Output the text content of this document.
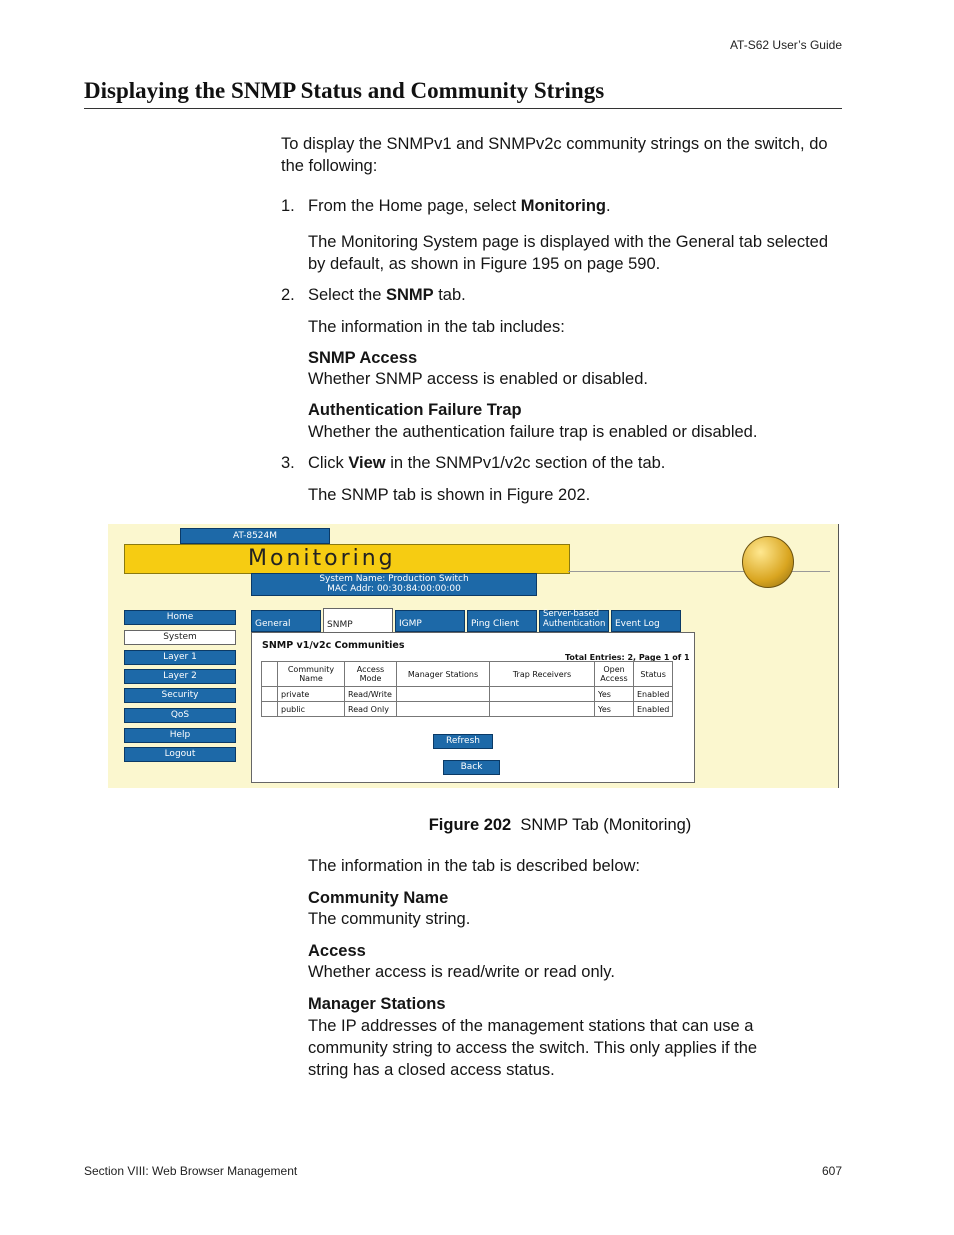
AT-S62 User’s Guide
Displaying the SNMP Status and Community Strings
To display the SNMPv1 and SNMPv2c community strings on the switch, do the following:
1. From the Home page, select Monitoring.
The Monitoring System page is displayed with the General tab selected by default, as shown in Figure 195 on page 590.
2. Select the SNMP tab.
The information in the tab includes:
SNMP Access
Whether SNMP access is enabled or disabled.
Authentication Failure Trap
Whether the authentication failure trap is enabled or disabled.
3. Click View in the SNMPv1/v2c section of the tab.
The SNMP tab is shown in Figure 202.
AT-8524M
Monitoring
System Name: Production Switch
MAC Addr: 00:30:84:00:00:00
Home
System
Layer 1
Layer 2
Security
QoS
Help
Logout
General	SNMP	IGMP	Ping Client
Server-based Authentication	Event Log
SNMP v1/v2c Communities
Total Entries: 2, Page 1 of 1
	Community Name	Access Mode	Manager Stations	Trap Receivers	Open Access	Status
	private	Read/Write			Yes	Enabled
	public	Read Only			Yes	Enabled
Refresh
Back
Figure 202 SNMP Tab (Monitoring)
The information in the tab is described below:
Community Name
The community string.
Access
Whether access is read/write or read only.
Manager Stations
The IP addresses of the management stations that can use a community string to access the switch. This only applies if the string has a closed access status.
Section VIII: Web Browser Management	607
